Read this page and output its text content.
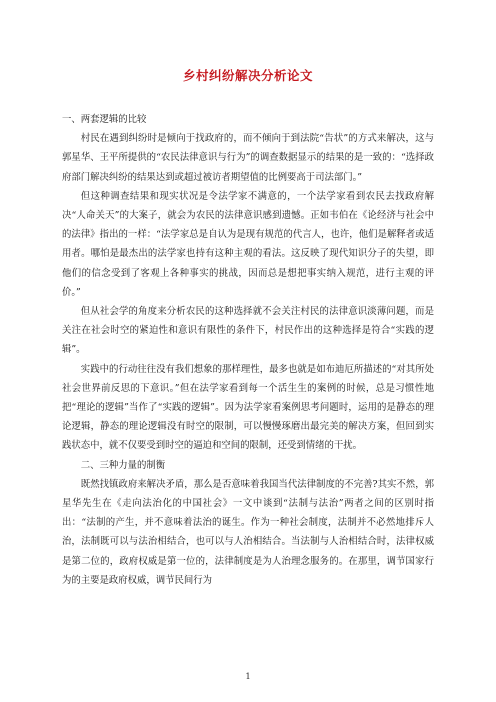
乡村纠纷解决分析论文

一、两套逻辑的比较

村民在遇到纠纷时是倾向于找政府的，而不倾向于到法院“告状”的方式来解决，这与郭星华、王平所提供的“农民法律意识与行为”的调查数据显示的结果的是一致的：“选择政府部门解决纠纷的结果达到或超过被访者期望值的比例要高于司法部门。”

但这种调查结果和现实状况是令法学家不满意的，一个法学家看到农民去找政府解决“人命关天”的大案子，就会为农民的法律意识感到遗憾。正如韦伯在《论经济与社会中的法律》指出的一样：“法学家总是自认为是现有规范的代言人，也许，他们是解释者或适用者。哪怕是最杰出的法学家也持有这种主观的看法。这反映了现代知识分子的失望，即他们的信念受到了客观上各种事实的挑战，因而总是想把事实纳入规范，进行主观的评价。”

但从社会学的角度来分析农民的这种选择就不会关注村民的法律意识淡薄问题，而是关注在社会时空的紧迫性和意识有限性的条件下，村民作出的这种选择是符合“实践的逻辑”。

实践中的行动往往没有我们想象的那样理性，最多也就是如布迪厄所描述的“对其所处社会世界前反思的下意识。”但在法学家看到每一个活生生的案例的时候，总是习惯性地把“理论的逻辑”当作了“实践的逻辑”。因为法学家看案例思考问题时，运用的是静态的理论逻辑，静态的理论逻辑没有时空的限制，可以慢慢琢磨出最完美的解决方案，但回到实践状态中，就不仅要受到时空的逼迫和空间的限制，还受到情绪的干扰。

二、三种力量的制衡

既然找镇政府来解决矛盾，那么是否意味着我国当代法律制度的不完善?其实不然，郭星华先生在《走向法治化的中国社会》一文中谈到“法制与法治”两者之间的区别时指出：“法制的产生，并不意味着法治的诞生。作为一种社会制度，法制并不必然地排斥人治，法制既可以与法治相结合，也可以与人治相结合。当法制与人治相结合时，法律权威是第二位的，政府权威是第一位的，法律制度是为人治理念服务的。在那里，调节国家行为的主要是政府权威，调节民间行为

1
